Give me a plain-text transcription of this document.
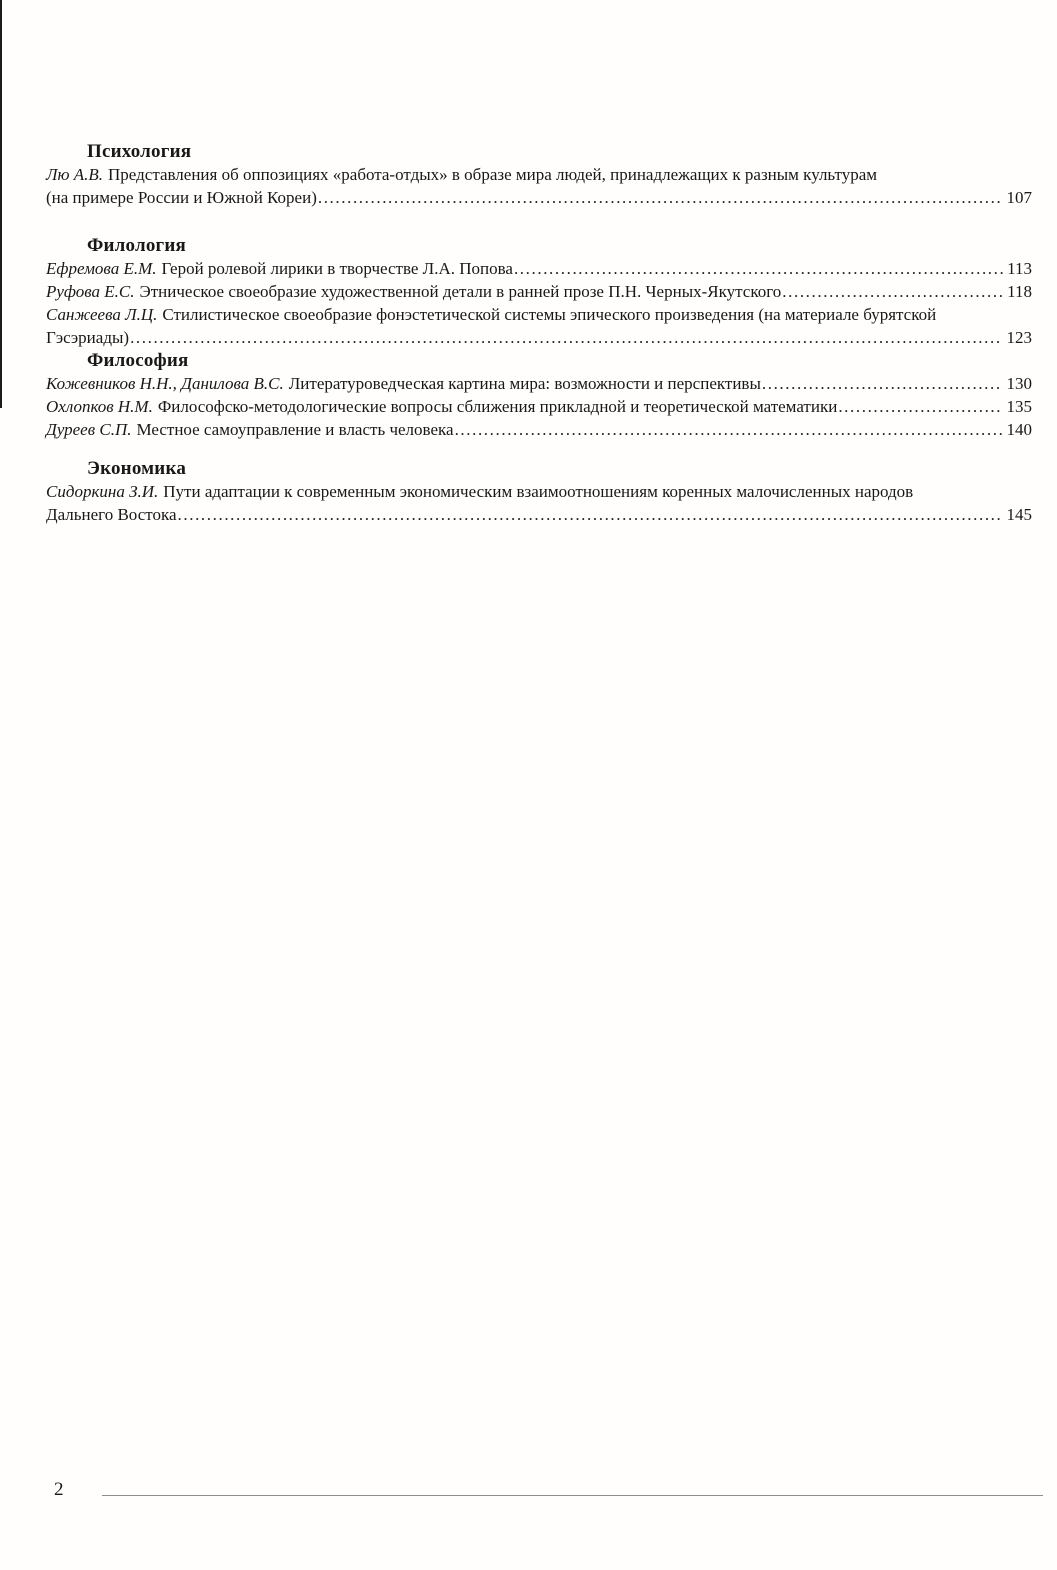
Психология
Лю А.В. Представления об оппозициях «работа-отдых» в образе мира людей, принадлежащих к разным культурам
(на примере России и Южной Кореи) .....	107
Филология
Ефремова Е.М. Герой ролевой лирики в творчестве Л.А. Попова .....	113
Руфова Е.С. Этническое своеобразие художественной детали в ранней прозе П.Н. Черных-Якутского .....	118
Санжеева Л.Ц. Стилистическое своеобразие фонэстетической системы эпического произведения (на материале бурятской
Гэсэриады) .....	123
Философия
Кожевников Н.Н., Данилова В.С. Литературоведческая картина мира: возможности и перспективы .....	130
Охлопков Н.М. Философско-методологические вопросы сближения прикладной и теоретической математики .....	135
Дуреев С.П. Местное самоуправление и власть человека .....	140
Экономика
Сидоркина З.И. Пути адаптации к современным экономическим взаимоотношениям коренных малочисленных народов
Дальнего Востока .....	145
2
